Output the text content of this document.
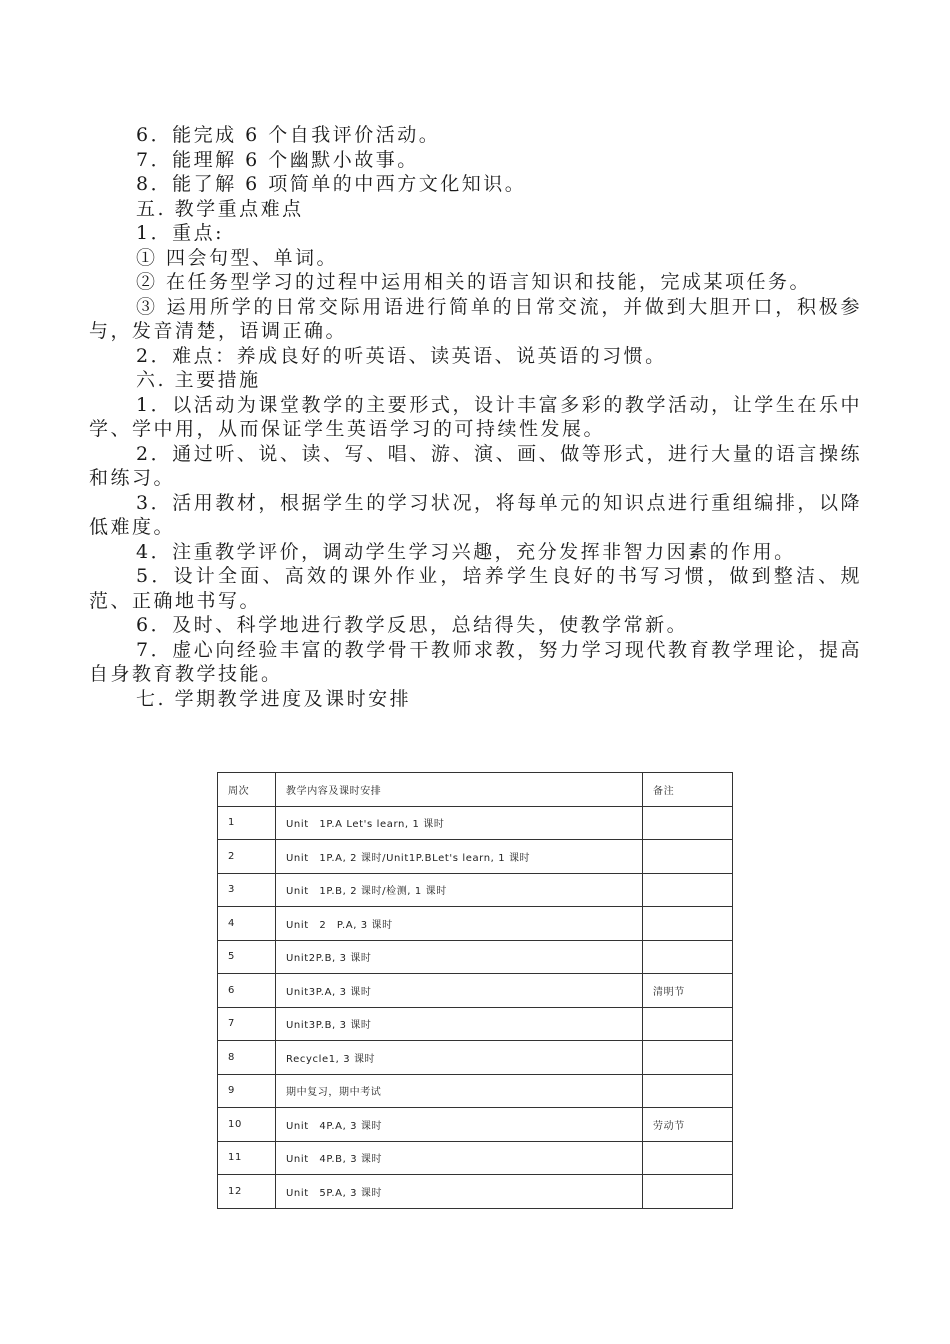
6．能完成 6 个自我评价活动。

7．能理解 6 个幽默小故事。

8．能了解 6 项简单的中西方文化知识。

五. 教学重点难点

1．重点:

① 四会句型、单词。

② 在任务型学习的过程中运用相关的语言知识和技能，完成某项任务。

③ 运用所学的日常交际用语进行简单的日常交流，并做到大胆开口，积极参与，发音清楚，语调正确。

2．难点：养成良好的听英语、读英语、说英语的习惯。

六. 主要措施

1．以活动为课堂教学的主要形式，设计丰富多彩的教学活动，让学生在乐中学、学中用，从而保证学生英语学习的可持续性发展。

2．通过听、说、读、写、唱、游、演、画、做等形式，进行大量的语言操练和练习。

3．活用教材，根据学生的学习状况，将每单元的知识点进行重组编排，以降低难度。

4．注重教学评价，调动学生学习兴趣，充分发挥非智力因素的作用。

5．设计全面、高效的课外作业，培养学生良好的书写习惯，做到整洁、规范、正确地书写。

6．及时、科学地进行教学反思，总结得失，使教学常新。

7．虚心向经验丰富的教学骨干教师求教，努力学习现代教育教学理论，提高自身教育教学技能。

七. 学期教学进度及课时安排

周次	教学内容及课时安排	备注
1	Unit　1P.A Let's learn, 1 课时	
2	Unit　1P.A, 2 课时/Unit1P.BLet's learn, 1 课时	
3	Unit　1P.B, 2 课时/检测, 1 课时	
4	Unit　2　P.A, 3 课时	
5	Unit2P.B, 3 课时	
6	Unit3P.A, 3 课时	清明节
7	Unit3P.B, 3 课时	
8	Recycle1, 3 课时	
9	期中复习，期中考试	
10	Unit　4P.A, 3 课时	劳动节
11	Unit　4P.B, 3 课时	
12	Unit　5P.A, 3 课时	
